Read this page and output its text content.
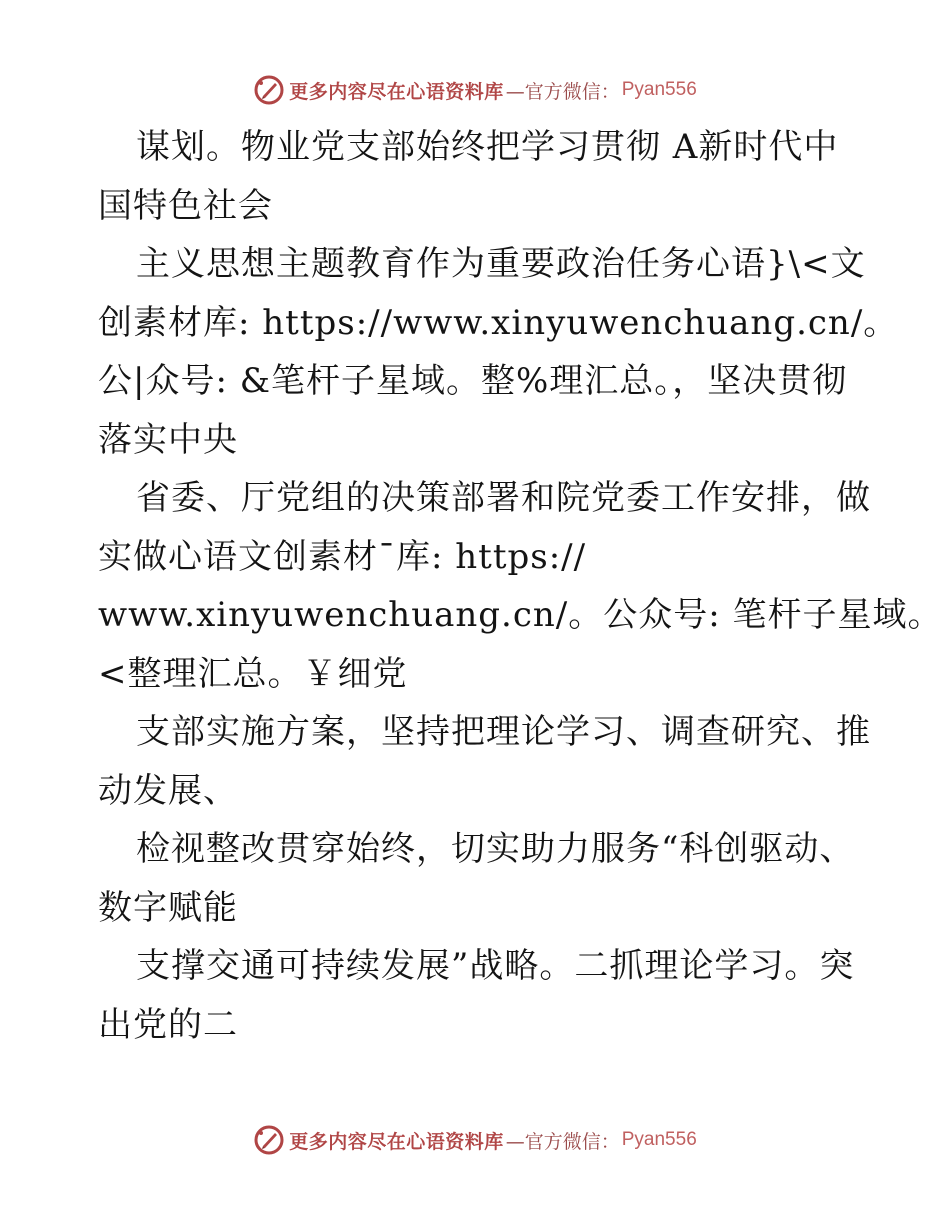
更多内容尽在心语资料库 —官方微信： Pyan556
谋划。物业党支部始终把学习贯彻 A新时代中
国特色社会
主义思想主题教育作为重要政治任务心语}\<文
创素材库: https://www.xinyuwenchuang.cn/。
公|众号: &笔杆子星域。整%理汇总。，坚决贯彻
落实中央
省委、厅党组的决策部署和院党委工作安排，做
实做心语文创素材¯库: https://
www.xinyuwenchuang.cn/。公众号: 笔杆子星域。
<整理汇总。￥细党
支部实施方案，坚持把理论学习、调查研究、推
动发展、
检视整改贯穿始终，切实助力服务“科创驱动、
数字赋能
支撑交通可持续发展”战略。二抓理论学习。突
出党的二
更多内容尽在心语资料库 —官方微信： Pyan556
